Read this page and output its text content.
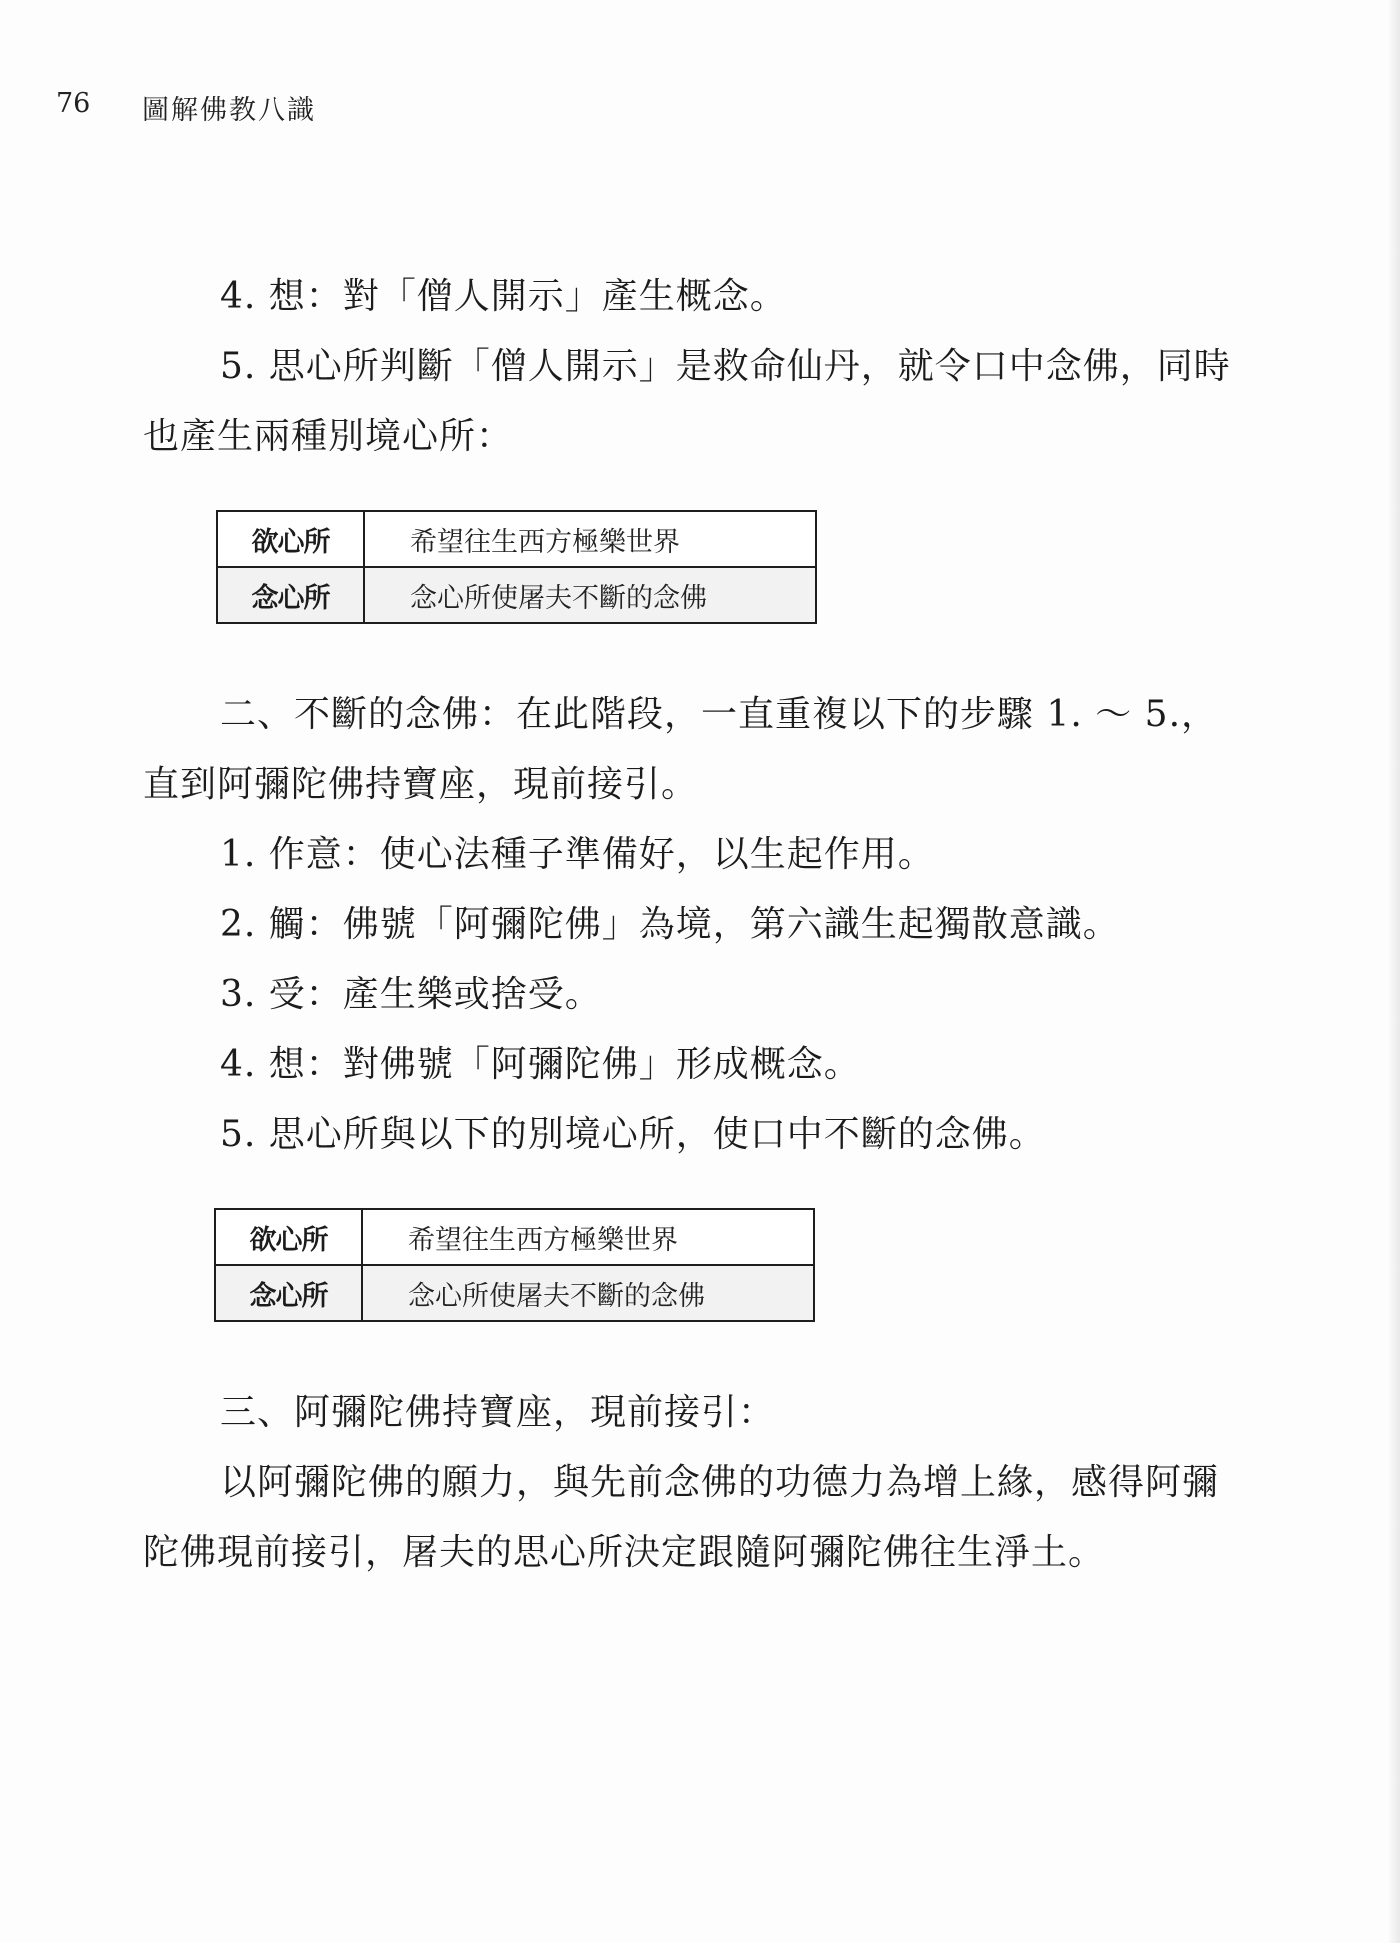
76 圖解佛教八識
4. 想：對「僧人開示」產生概念。
5. 思心所判斷「僧人開示」是救命仙丹，就令口中念佛，同時
也產生兩種別境心所：
欲心所	希望往生西方極樂世界
念心所	念心所使屠夫不斷的念佛
二、不斷的念佛：在此階段，一直重複以下的步驟 1. ～ 5.，
直到阿彌陀佛持寶座，現前接引。
1. 作意：使心法種子準備好，以生起作用。
2. 觸：佛號「阿彌陀佛」為境，第六識生起獨散意識。
3. 受：產生樂或捨受。
4. 想：對佛號「阿彌陀佛」形成概念。
5. 思心所與以下的別境心所，使口中不斷的念佛。
欲心所	希望往生西方極樂世界
念心所	念心所使屠夫不斷的念佛
三、阿彌陀佛持寶座，現前接引：
以阿彌陀佛的願力，與先前念佛的功德力為增上緣，感得阿彌
陀佛現前接引，屠夫的思心所決定跟隨阿彌陀佛往生淨土。
